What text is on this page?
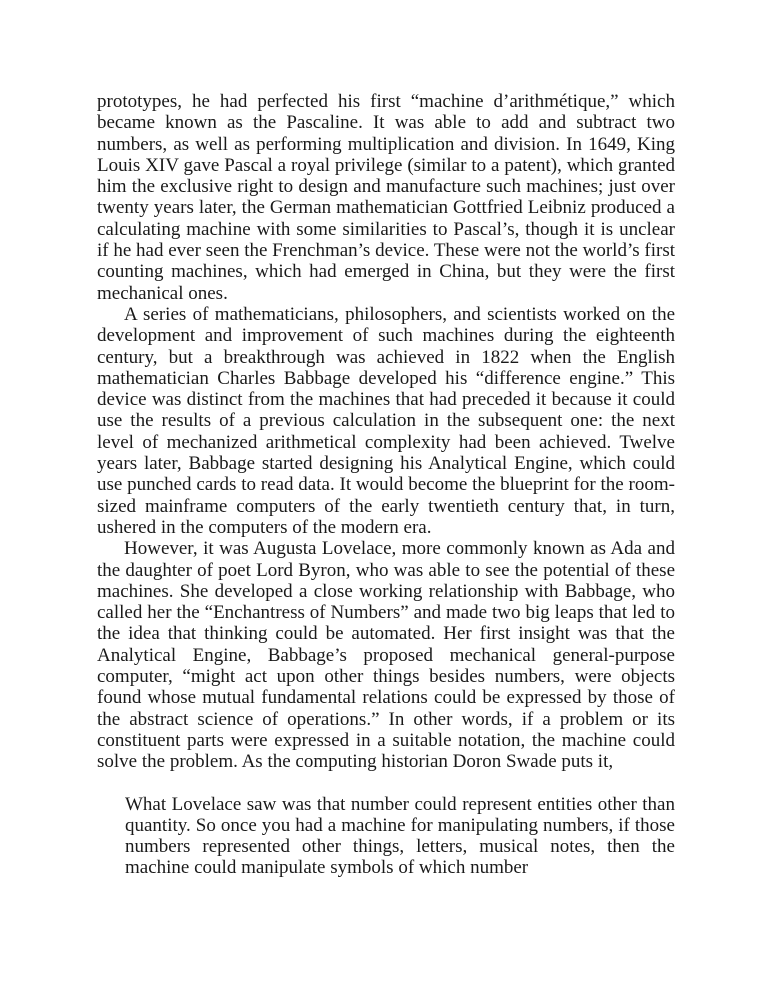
prototypes, he had perfected his first “machine d’arithmétique,” which became known as the Pascaline. It was able to add and subtract two numbers, as well as performing multiplication and division. In 1649, King Louis XIV gave Pascal a royal privilege (similar to a patent), which granted him the exclusive right to design and manufacture such machines; just over twenty years later, the German mathematician Gottfried Leibniz produced a calculating machine with some similarities to Pascal’s, though it is unclear if he had ever seen the Frenchman’s device. These were not the world’s first counting machines, which had emerged in China, but they were the first mechanical ones.

A series of mathematicians, philosophers, and scientists worked on the development and improvement of such machines during the eighteenth century, but a breakthrough was achieved in 1822 when the English mathematician Charles Babbage developed his “difference engine.” This device was distinct from the machines that had preceded it because it could use the results of a previous calculation in the subsequent one: the next level of mechanized arithmetical complexity had been achieved. Twelve years later, Babbage started designing his Analytical Engine, which could use punched cards to read data. It would become the blueprint for the room-sized mainframe computers of the early twentieth century that, in turn, ushered in the computers of the modern era.

However, it was Augusta Lovelace, more commonly known as Ada and the daughter of poet Lord Byron, who was able to see the potential of these machines. She developed a close working relationship with Babbage, who called her the “Enchantress of Numbers” and made two big leaps that led to the idea that thinking could be automated. Her first insight was that the Analytical Engine, Babbage’s proposed mechanical general-purpose computer, “might act upon other things besides numbers, were objects found whose mutual fundamental relations could be expressed by those of the abstract science of operations.” In other words, if a problem or its constituent parts were expressed in a suitable notation, the machine could solve the problem. As the computing historian Doron Swade puts it,

What Lovelace saw was that number could represent entities other than quantity. So once you had a machine for manipulating numbers, if those numbers represented other things, letters, musical notes, then the machine could manipulate symbols of which number
